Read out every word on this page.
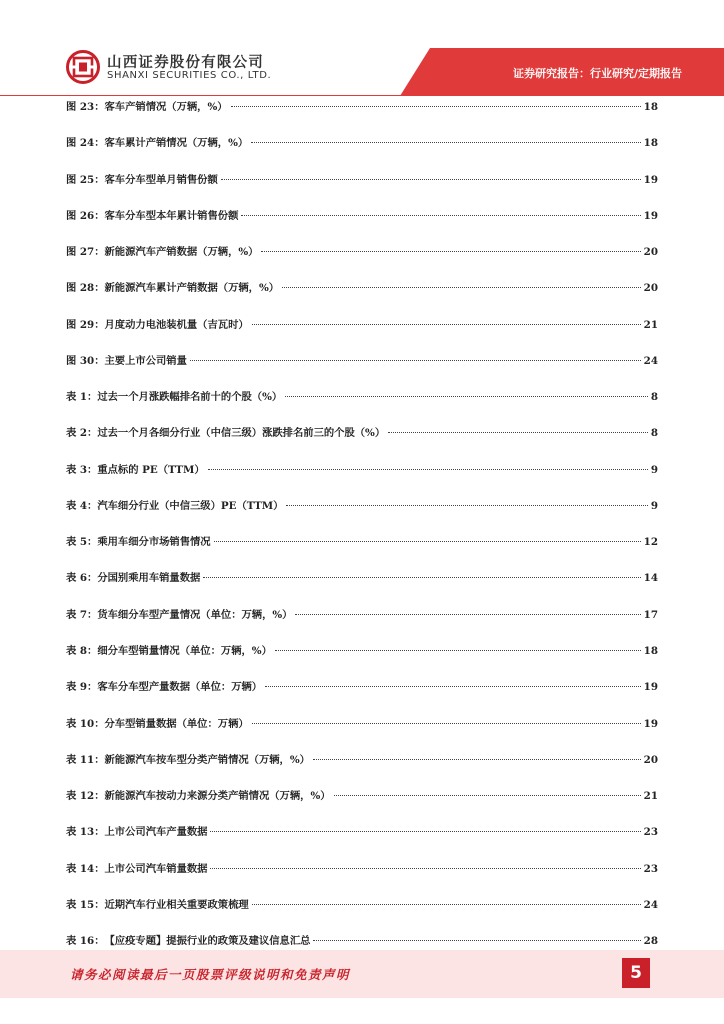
山西证券股份有限公司
SHANXI SECURITIES CO., LTD.	证券研究报告：行业研究/定期报告
图 23：客车产销情况（万辆，%）	18
图 24：客车累计产销情况（万辆，%）	18
图 25：客车分车型单月销售份额	19
图 26：客车分车型本年累计销售份额	19
图 27：新能源汽车产销数据（万辆，%）	20
图 28：新能源汽车累计产销数据（万辆，%）	20
图 29：月度动力电池装机量（吉瓦时）	21
图 30：主要上市公司销量	24
表 1：过去一个月涨跌幅排名前十的个股（%）	8
表 2：过去一个月各细分行业（中信三级）涨跌排名前三的个股（%）	8
表 3：重点标的 PE（TTM）	9
表 4：汽车细分行业（中信三级）PE（TTM）	9
表 5：乘用车细分市场销售情况	12
表 6：分国别乘用车销量数据	14
表 7：货车细分车型产量情况（单位：万辆，%）	17
表 8：细分车型销量情况（单位：万辆，%）	18
表 9：客车分车型产量数据（单位：万辆）	19
表 10：分车型销量数据（单位：万辆）	19
表 11：新能源汽车按车型分类产销情况（万辆，%）	20
表 12：新能源汽车按动力来源分类产销情况（万辆，%）	21
表 13：上市公司汽车产量数据	23
表 14：上市公司汽车销量数据	23
表 15：近期汽车行业相关重要政策梳理	24
表 16：　【应疫专题】提振行业的政策及建议信息汇总	28
请务必阅读最后一页股票评级说明和免责声明	5
